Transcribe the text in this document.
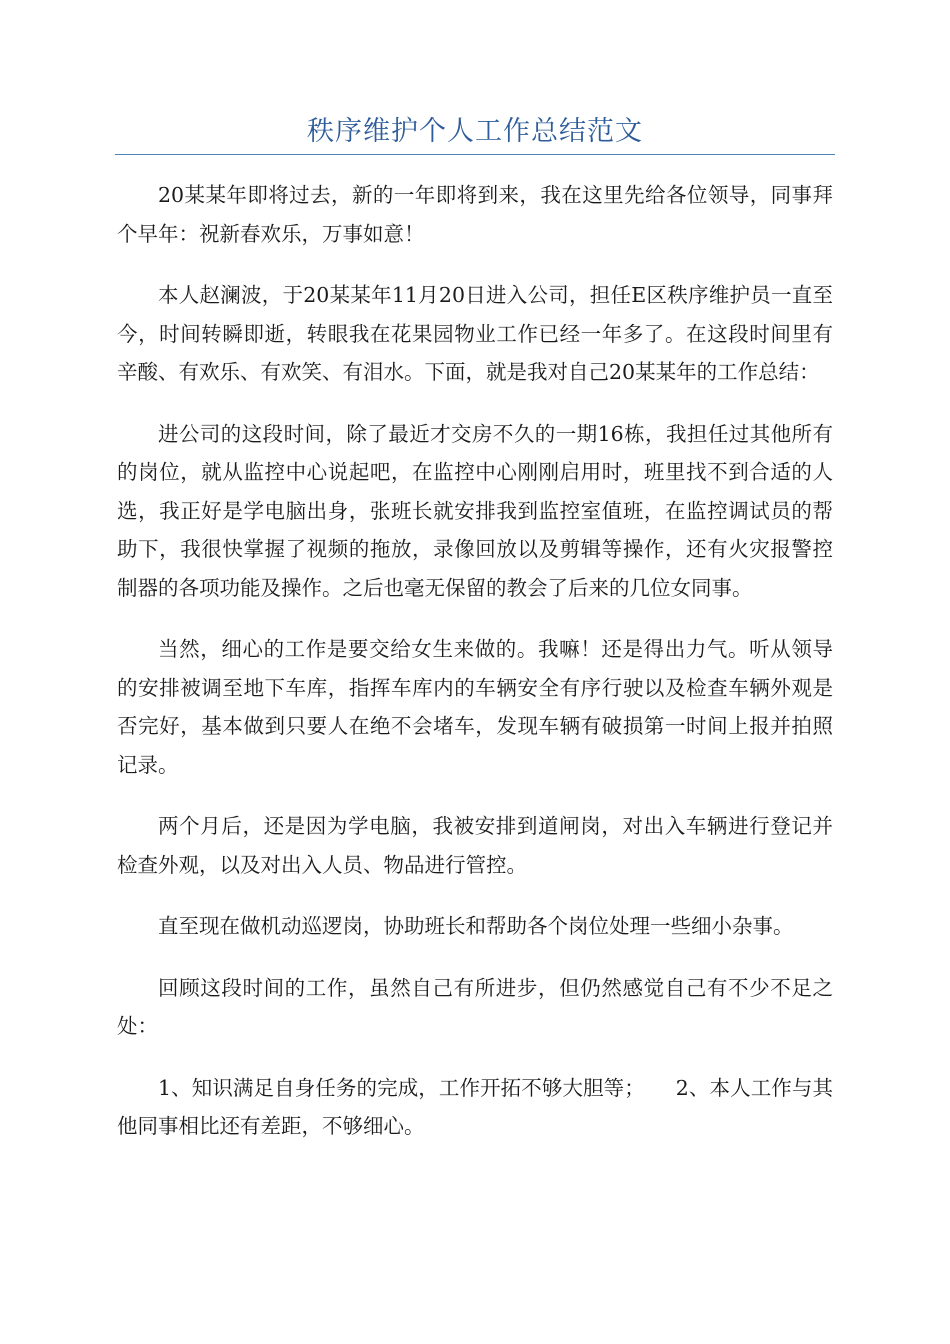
秩序维护个人工作总结范文

20某某年即将过去，新的一年即将到来，我在这里先给各位领导，同事拜个早年：祝新春欢乐，万事如意！

本人赵澜波，于20某某年11月20日进入公司，担任E区秩序维护员一直至今，时间转瞬即逝，转眼我在花果园物业工作已经一年多了。在这段时间里有辛酸、有欢乐、有欢笑、有泪水。下面，就是我对自己20某某年的工作总结：

进公司的这段时间，除了最近才交房不久的一期16栋，我担任过其他所有的岗位，就从监控中心说起吧，在监控中心刚刚启用时，班里找不到合适的人选，我正好是学电脑出身，张班长就安排我到监控室值班，在监控调试员的帮助下，我很快掌握了视频的拖放，录像回放以及剪辑等操作，还有火灾报警控制器的各项功能及操作。之后也毫无保留的教会了后来的几位女同事。

当然，细心的工作是要交给女生来做的。我嘛！还是得出力气。听从领导的安排被调至地下车库，指挥车库内的车辆安全有序行驶以及检查车辆外观是否完好，基本做到只要人在绝不会堵车，发现车辆有破损第一时间上报并拍照记录。

两个月后，还是因为学电脑，我被安排到道闸岗，对出入车辆进行登记并检查外观，以及对出入人员、物品进行管控。

直至现在做机动巡逻岗，协助班长和帮助各个岗位处理一些细小杂事。

回顾这段时间的工作，虽然自己有所进步，但仍然感觉自己有不少不足之处：

1、知识满足自身任务的完成，工作开拓不够大胆等；　　2、本人工作与其他同事相比还有差距，不够细心。
